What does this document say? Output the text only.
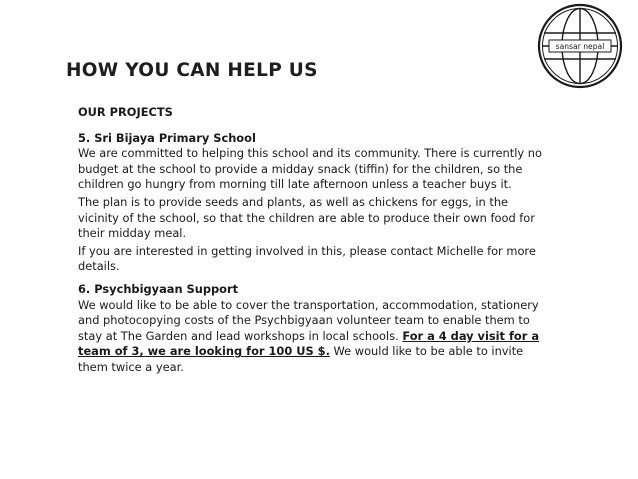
sansar nepal
HOW YOU CAN HELP US

OUR PROJECTS

5. Sri Bijaya Primary School

We are committed to helping this school and its community. There is currently no budget at the school to provide a midday snack (tiffin) for the children, so the children go hungry from morning till late afternoon unless a teacher buys it.

The plan is to provide seeds and plants, as well as chickens for eggs, in the vicinity of the school, so that the children are able to produce their own food for their midday meal.

If you are interested in getting involved in this, please contact Michelle for more details.

6. Psychbigyaan Support

We would like to be able to cover the transportation, accommodation, stationery and photocopying costs of the Psychbigyaan volunteer team to enable them to stay at The Garden and lead workshops in local schools. For a 4 day visit for a team of 3, we are looking for 100 US $. We would like to be able to invite them twice a year.
